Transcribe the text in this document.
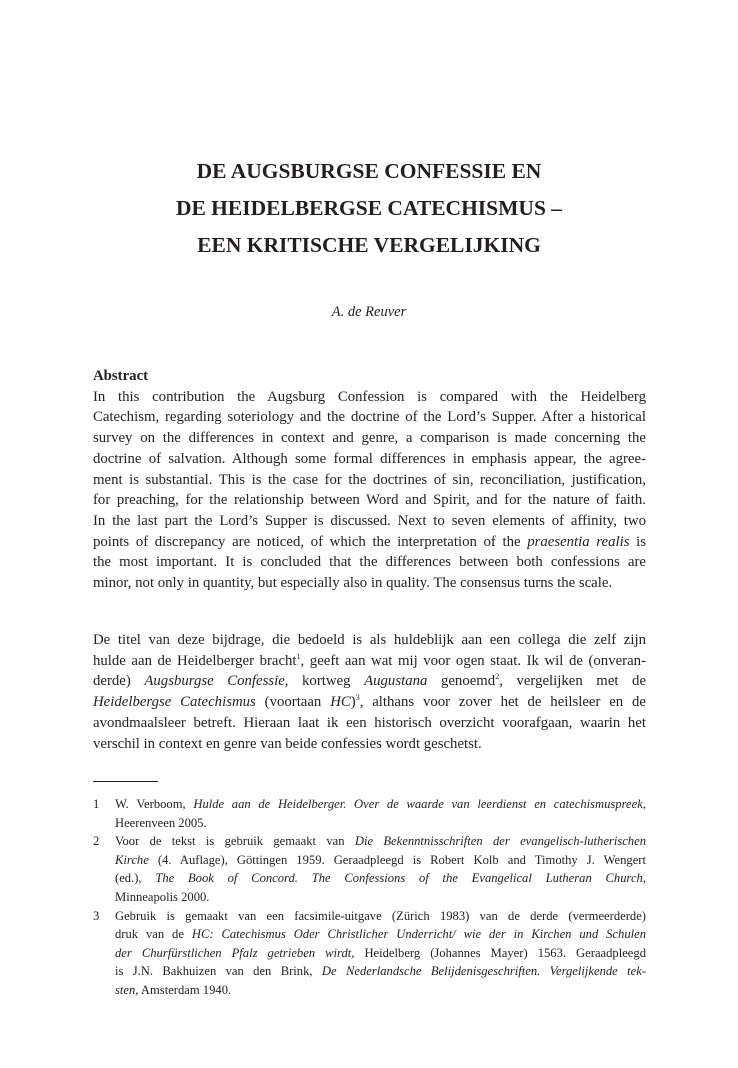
DE AUGSBURGSE CONFESSIE EN
DE HEIDELBERGSE CATECHISMUS –
EEN KRITISCHE VERGELIJKING
A. de Reuver
Abstract
In this contribution the Augsburg Confession is compared with the Heidelberg
Catechism, regarding soteriology and the doctrine of the Lord’s Supper. After a historical
survey on the differences in context and genre, a comparison is made concerning the
doctrine of salvation. Although some formal differences in emphasis appear, the agree-
ment is substantial. This is the case for the doctrines of sin, reconciliation, justification,
for preaching, for the relationship between Word and Spirit, and for the nature of faith.
In the last part the Lord’s Supper is discussed. Next to seven elements of affinity, two
points of discrepancy are noticed, of which the interpretation of the praesentia realis is
the most important. It is concluded that the differences between both confessions are
minor, not only in quantity, but especially also in quality. The consensus turns the scale.
De titel van deze bijdrage, die bedoeld is als huldeblijk aan een collega die zelf zijn
hulde aan de Heidelberger bracht$^1$, geeft aan wat mij voor ogen staat. Ik wil de (onveran-
derde) Augsburgse Confessie, kortweg Augustana genoemd$^2$, vergelijken met de
Heidelbergse Catechismus (voortaan HC)$^3$, althans voor zover het de heilsleer en de
avondmaalsleer betreft. Hieraan laat ik een historisch overzicht voorafgaan, waarin het
verschil in context en genre van beide confessies wordt geschetst.
1 W. Verboom, Hulde aan de Heidelberger. Over de waarde van leerdienst en catechismuspreek,
Heerenveen 2005.
2 Voor de tekst is gebruik gemaakt van Die Bekenntnisschriften der evangelisch-lutherischen
Kirche (4. Auflage), Göttingen 1959. Geraadpleegd is Robert Kolb and Timothy J. Wengert
(ed.), The Book of Concord. The Confessions of the Evangelical Lutheran Church,
Minneapolis 2000.
3 Gebruik is gemaakt van een facsimile-uitgave (Zürich 1983) van de derde (vermeerderde)
druk van de HC: Catechismus Oder Christlicher Underricht/ wie der in Kirchen und Schulen
der Churfürstlichen Pfalz getrieben wirdt, Heidelberg (Johannes Mayer) 1563. Geraadpleegd
is J.N. Bakhuizen van den Brink, De Nederlandsche Belijdenisgeschriften. Vergelijkende tek-
sten, Amsterdam 1940.
